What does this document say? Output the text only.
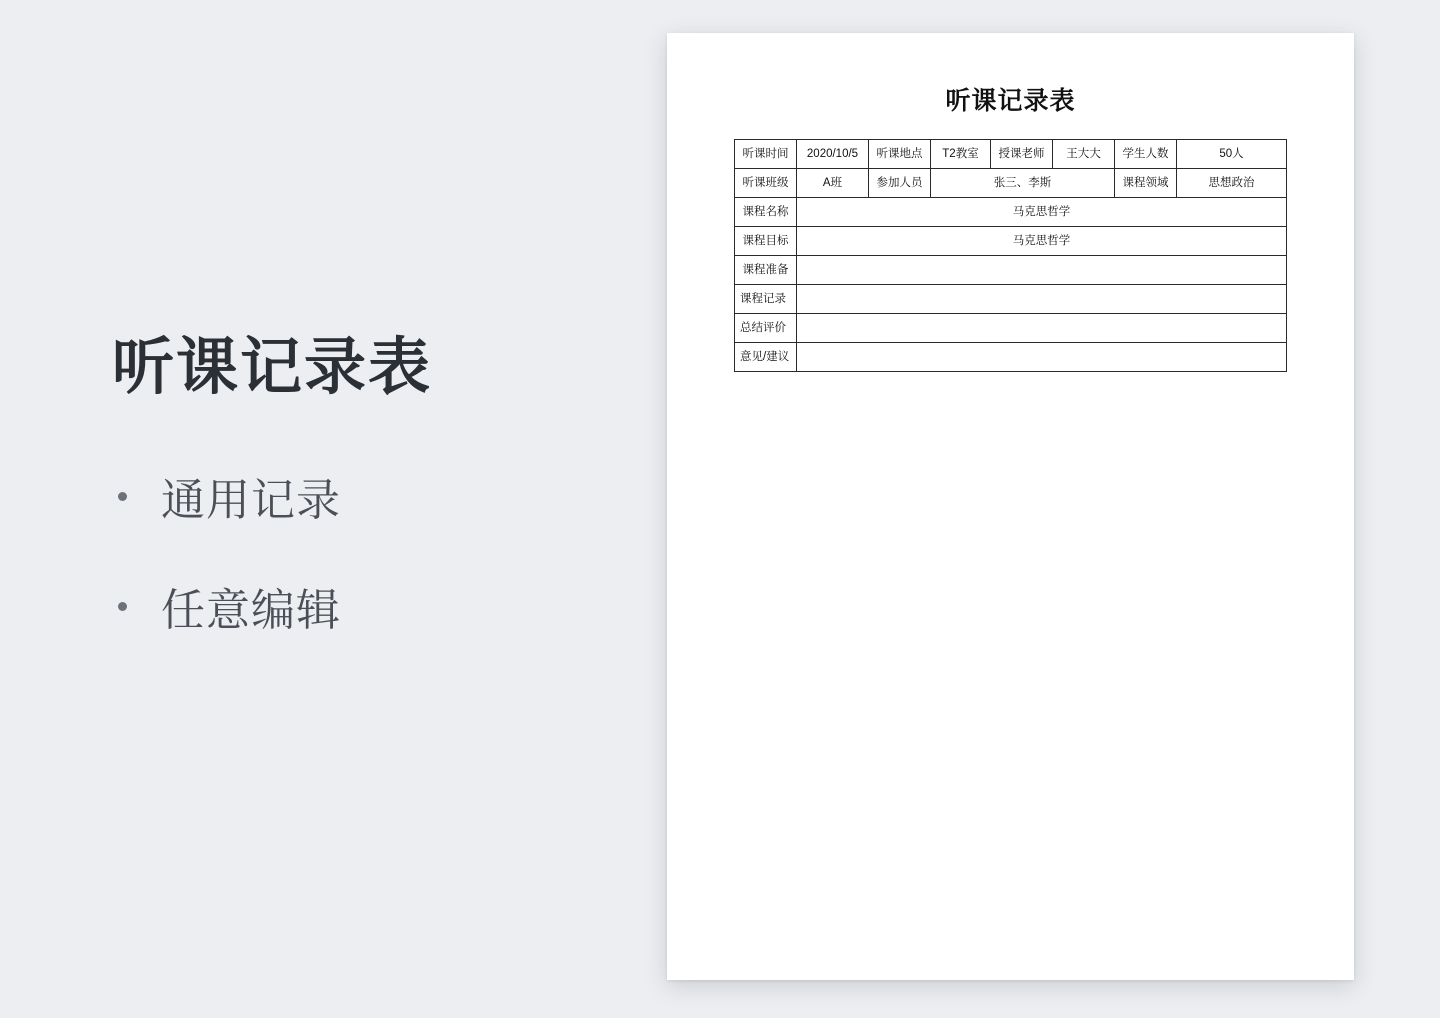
听课记录表
通用记录
任意编辑
听课记录表
听课时间	2020/10/5	听课地点	T2教室	授课老师	王大大	学生人数	50人
听课班级	A班	参加人员	张三、李斯			课程领域	思想政治
课程名称	马克思哲学						
课程目标	马克思哲学						
课程准备							
课程记录							
总结评价							
意见/建议							
